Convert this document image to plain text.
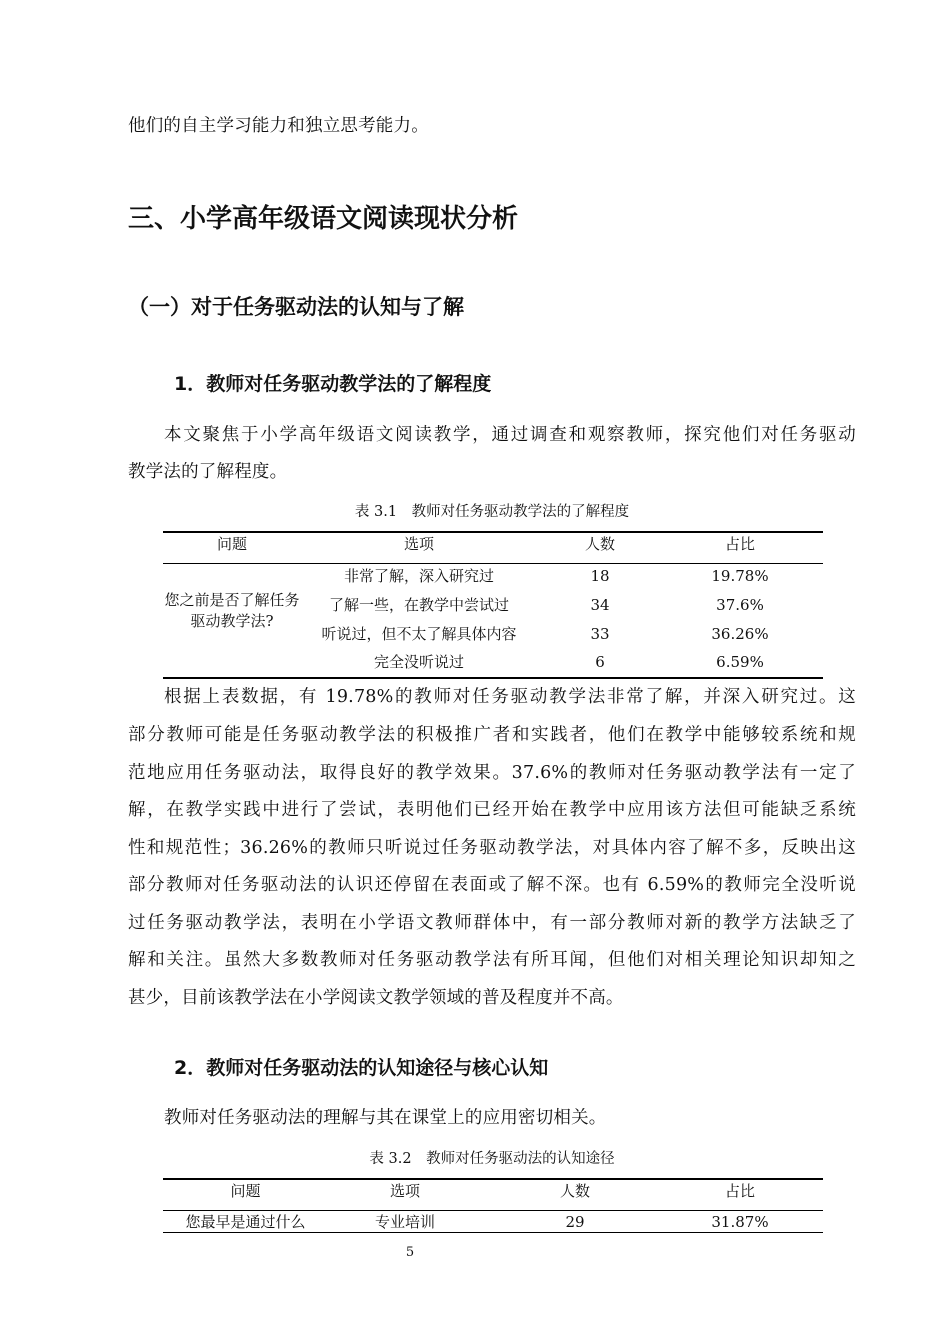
他们的自主学习能力和独立思考能力。
三、小学高年级语文阅读现状分析
（一）对于任务驱动法的认知与了解
1．教师对任务驱动教学法的了解程度
本文聚焦于小学高年级语文阅读教学，通过调查和观察教师，探究他们对任务驱动
教学法的了解程度。
表 3.1　教师对任务驱动教学法的了解程度
问题	选项	人数	占比
您之前是否了解任务驱动教学法?
非常了解，深入研究过	18	19.78%
了解一些，在教学中尝试过	34	37.6%
听说过，但不太了解具体内容	33	36.26%
完全没听说过	6	6.59%
根据上表数据，有 19.78%的教师对任务驱动教学法非常了解，并深入研究过。这
部分教师可能是任务驱动教学法的积极推广者和实践者，他们在教学中能够较系统和规
范地应用任务驱动法，取得良好的教学效果。37.6%的教师对任务驱动教学法有一定了
解，在教学实践中进行了尝试，表明他们已经开始在教学中应用该方法但可能缺乏系统
性和规范性；36.26%的教师只听说过任务驱动教学法，对具体内容了解不多，反映出这
部分教师对任务驱动法的认识还停留在表面或了解不深。也有 6.59%的教师完全没听说
过任务驱动教学法，表明在小学语文教师群体中，有一部分教师对新的教学方法缺乏了
解和关注。虽然大多数教师对任务驱动教学法有所耳闻，但他们对相关理论知识却知之
甚少，目前该教学法在小学阅读文教学领域的普及程度并不高。
2．教师对任务驱动法的认知途径与核心认知
教师对任务驱动法的理解与其在课堂上的应用密切相关。
表 3.2　教师对任务驱动法的认知途径
问题	选项	人数	占比
您最早是通过什么	专业培训	29	31.87%
5
